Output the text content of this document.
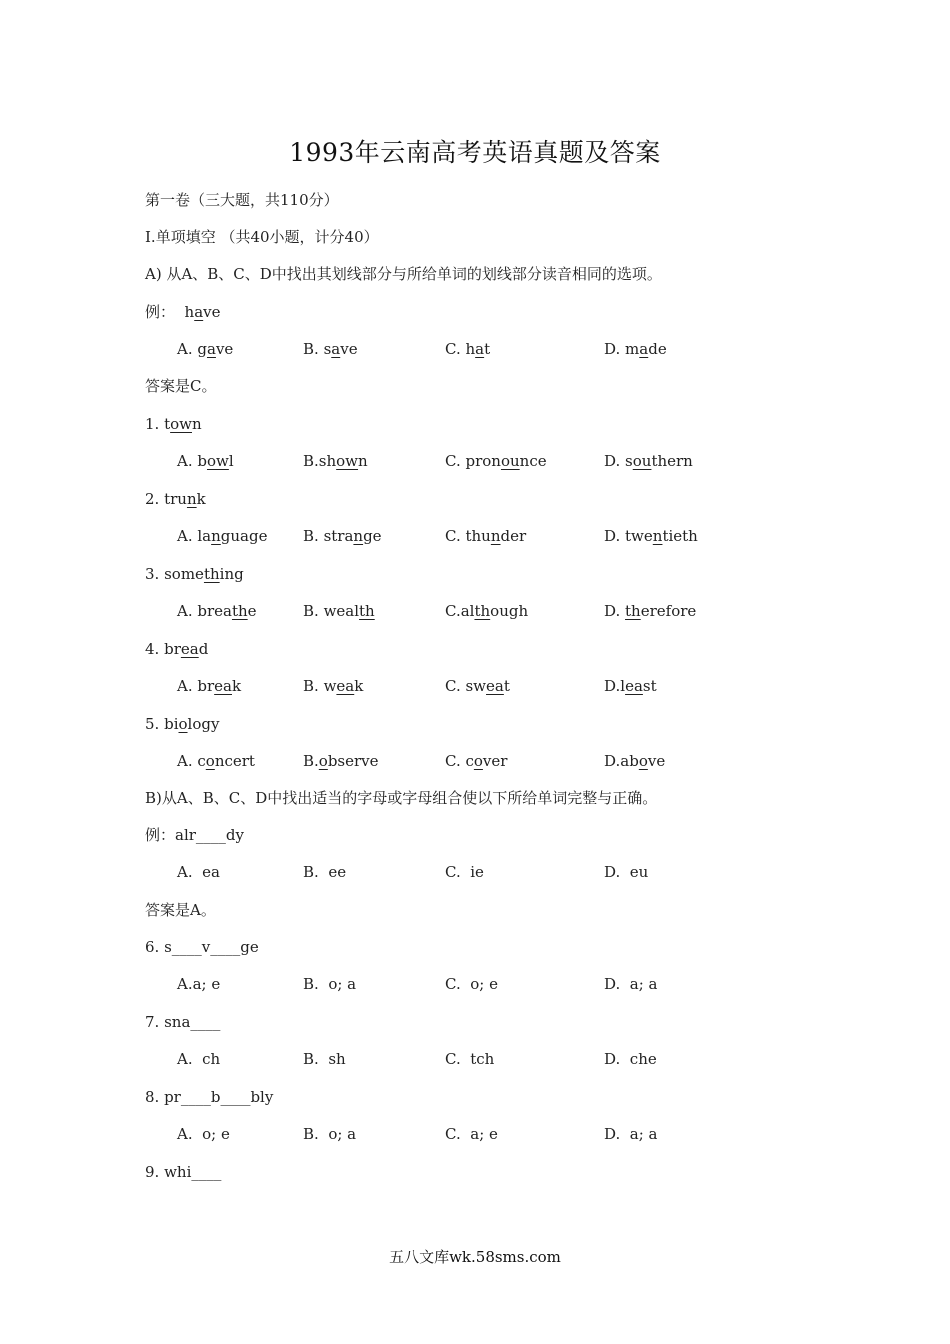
1993年云南高考英语真题及答案
第一卷（三大题，共110分）
Ⅰ.单项填空 （共40小题，计分40）
A) 从A、B、C、D中找出其划线部分与所给单词的划线部分读音相同的选项。
例：  have
A. gave	B. save	C. hat	D. made
答案是C。
1. town
A. bowl	B.shown	C. pronounce	D. southern
2. trunk
A. language B. strange	C. thunder	D. twentieth
3. something
A. breathe	B. wealth	C.although	D. therefore
4. bread
A. break	B. weak	C. sweat	D.least
5. biology
A. concert	B.observe	C. cover	D.above
B)从A、B、C、D中找出适当的字母或字母组合使以下所给单词完整与正确。
例：alr____dy
A.  ea	B.  ee	C.  ie	D.  eu
答案是A。
6. s____v____ge
A.a; e	B.  o; a	C.  o; e	D.  a; a
7. sna____
A.  ch	B.  sh	C.  tch	D.  che
8. pr____b____bly
A.  o; e	B.  o; a	C.  a; e	D.  a; a
9. whi____
五八文库wk.58sms.com
